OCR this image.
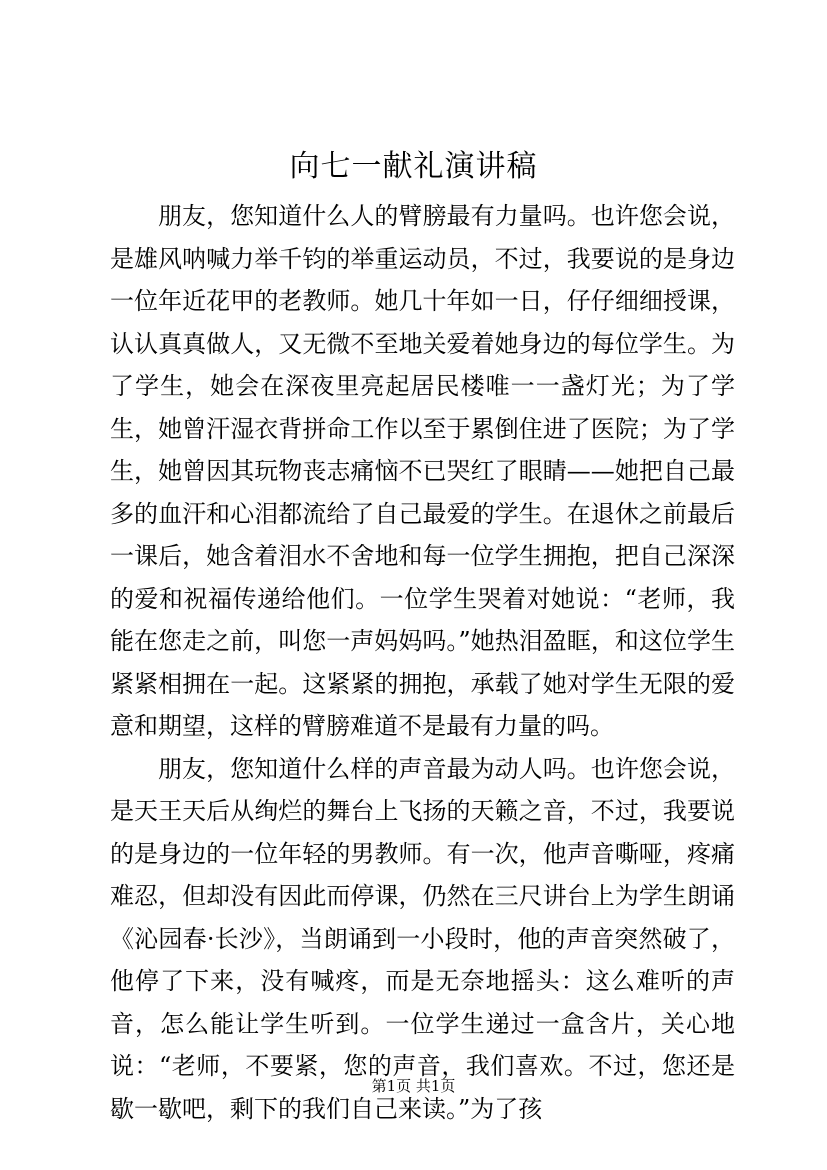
向七一献礼演讲稿

朋友，您知道什么人的臂膀最有力量吗。也许您会说，是雄风呐喊力举千钧的举重运动员，不过，我要说的是身边一位年近花甲的老教师。她几十年如一日，仔仔细细授课，认认真真做人，又无微不至地关爱着她身边的每位学生。为了学生，她会在深夜里亮起居民楼唯一一盏灯光；为了学生，她曾汗湿衣背拼命工作以至于累倒住进了医院；为了学生，她曾因其玩物丧志痛恼不已哭红了眼睛——她把自己最多的血汗和心泪都流给了自己最爱的学生。在退休之前最后一课后，她含着泪水不舍地和每一位学生拥抱，把自己深深的爱和祝福传递给他们。一位学生哭着对她说：“老师，我能在您走之前，叫您一声妈妈吗。”她热泪盈眶，和这位学生紧紧相拥在一起。这紧紧的拥抱，承载了她对学生无限的爱意和期望，这样的臂膀难道不是最有力量的吗。

朋友，您知道什么样的声音最为动人吗。也许您会说，是天王天后从绚烂的舞台上飞扬的天籁之音，不过，我要说的是身边的一位年轻的男教师。有一次，他声音嘶哑，疼痛难忍，但却没有因此而停课，仍然在三尺讲台上为学生朗诵《沁园春·长沙》，当朗诵到一小段时，他的声音突然破了，他停了下来，没有喊疼，而是无奈地摇头：这么难听的声音，怎么能让学生听到。一位学生递过一盒含片，关心地说：“老师，不要紧，您的声音，我们喜欢。不过，您还是歇一歇吧，剩下的我们自己来读。”为了孩

第1页 共1页
